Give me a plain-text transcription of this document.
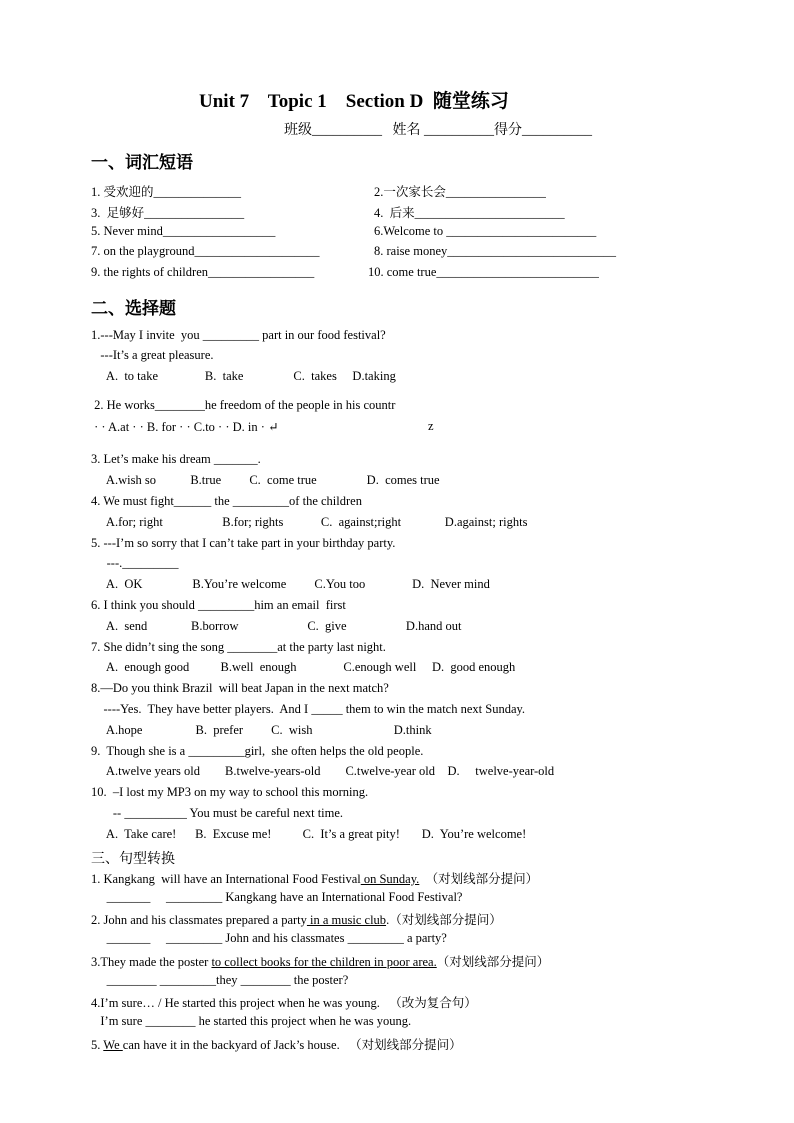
Unit 7    Topic 1    Section D  随堂练习
班级__________   姓名 __________得分__________
一、词汇短语
1. 受欢迎的______________	2.一次家长会________________
3.  足够好________________	4.  后来________________________
5. Never mind__________________	6.Welcome to ________________________
7. on the playground____________________	8. raise money___________________________
9. the rights of children_________________	10. come true__________________________
二、选择题
1.---May I invite  you _________ part in our food festival?
---It’s a great pleasure.
A.  to take               B.  take                C.  takes     D.taking
2. He works________he freedom of the people in his countr
· · A.at · · B. for · · C.to · · D. in · ↵	z
3. Let’s make his dream _______.
A.wish so           B.true         C.  come true                D.  comes true
4. We must fight______ the _________of the children
A.for; right                   B.for; rights            C.  against;right              D.against; rights
5. ---I’m so sorry that I can’t take part in your birthday party.
---._________
A.  OK                B.You’re welcome         C.You too               D.  Never mind
6. I think you should _________him an email  first
A.  send              B.borrow                      C.  give                   D.hand out
7. She didn’t sing the song ________at the party last night.
A.  enough good          B.well  enough               C.enough well     D.  good enough
8.—Do you think Brazil  will beat Japan in the next match?
----Yes.  They have better players.  And I _____ them to win the match next Sunday.
A.hope                 B.  prefer         C.  wish                          D.think
9.  Though she is a _________girl,  she often helps the old people.
A.twelve years old        B.twelve-years-old        C.twelve-year old    D.     twelve-year-old
10.  –I lost my MP3 on my way to school this morning.
-- __________ You must be careful next time.
A.  Take care!      B.  Excuse me!          C.  It’s a great pity!       D.  You’re welcome!
三、句型转换
1. Kangkang  will have an International Food Festival on Sunday.  （对划线部分提问）
_______     _________ Kangkang have an International Food Festival?
2. John and his classmates prepared a party in a music club.（对划线部分提问）
_______     _________ John and his classmates _________ a party?
3.They made the poster to collect books for the children in poor area.（对划线部分提问）
________ _________they ________ the poster?
4.I’m sure… / He started this project when he was young.   （改为复合句）
I’m sure ________ he started this project when he was young.
5. We can have it in the backyard of Jack’s house.   （对划线部分提问）
